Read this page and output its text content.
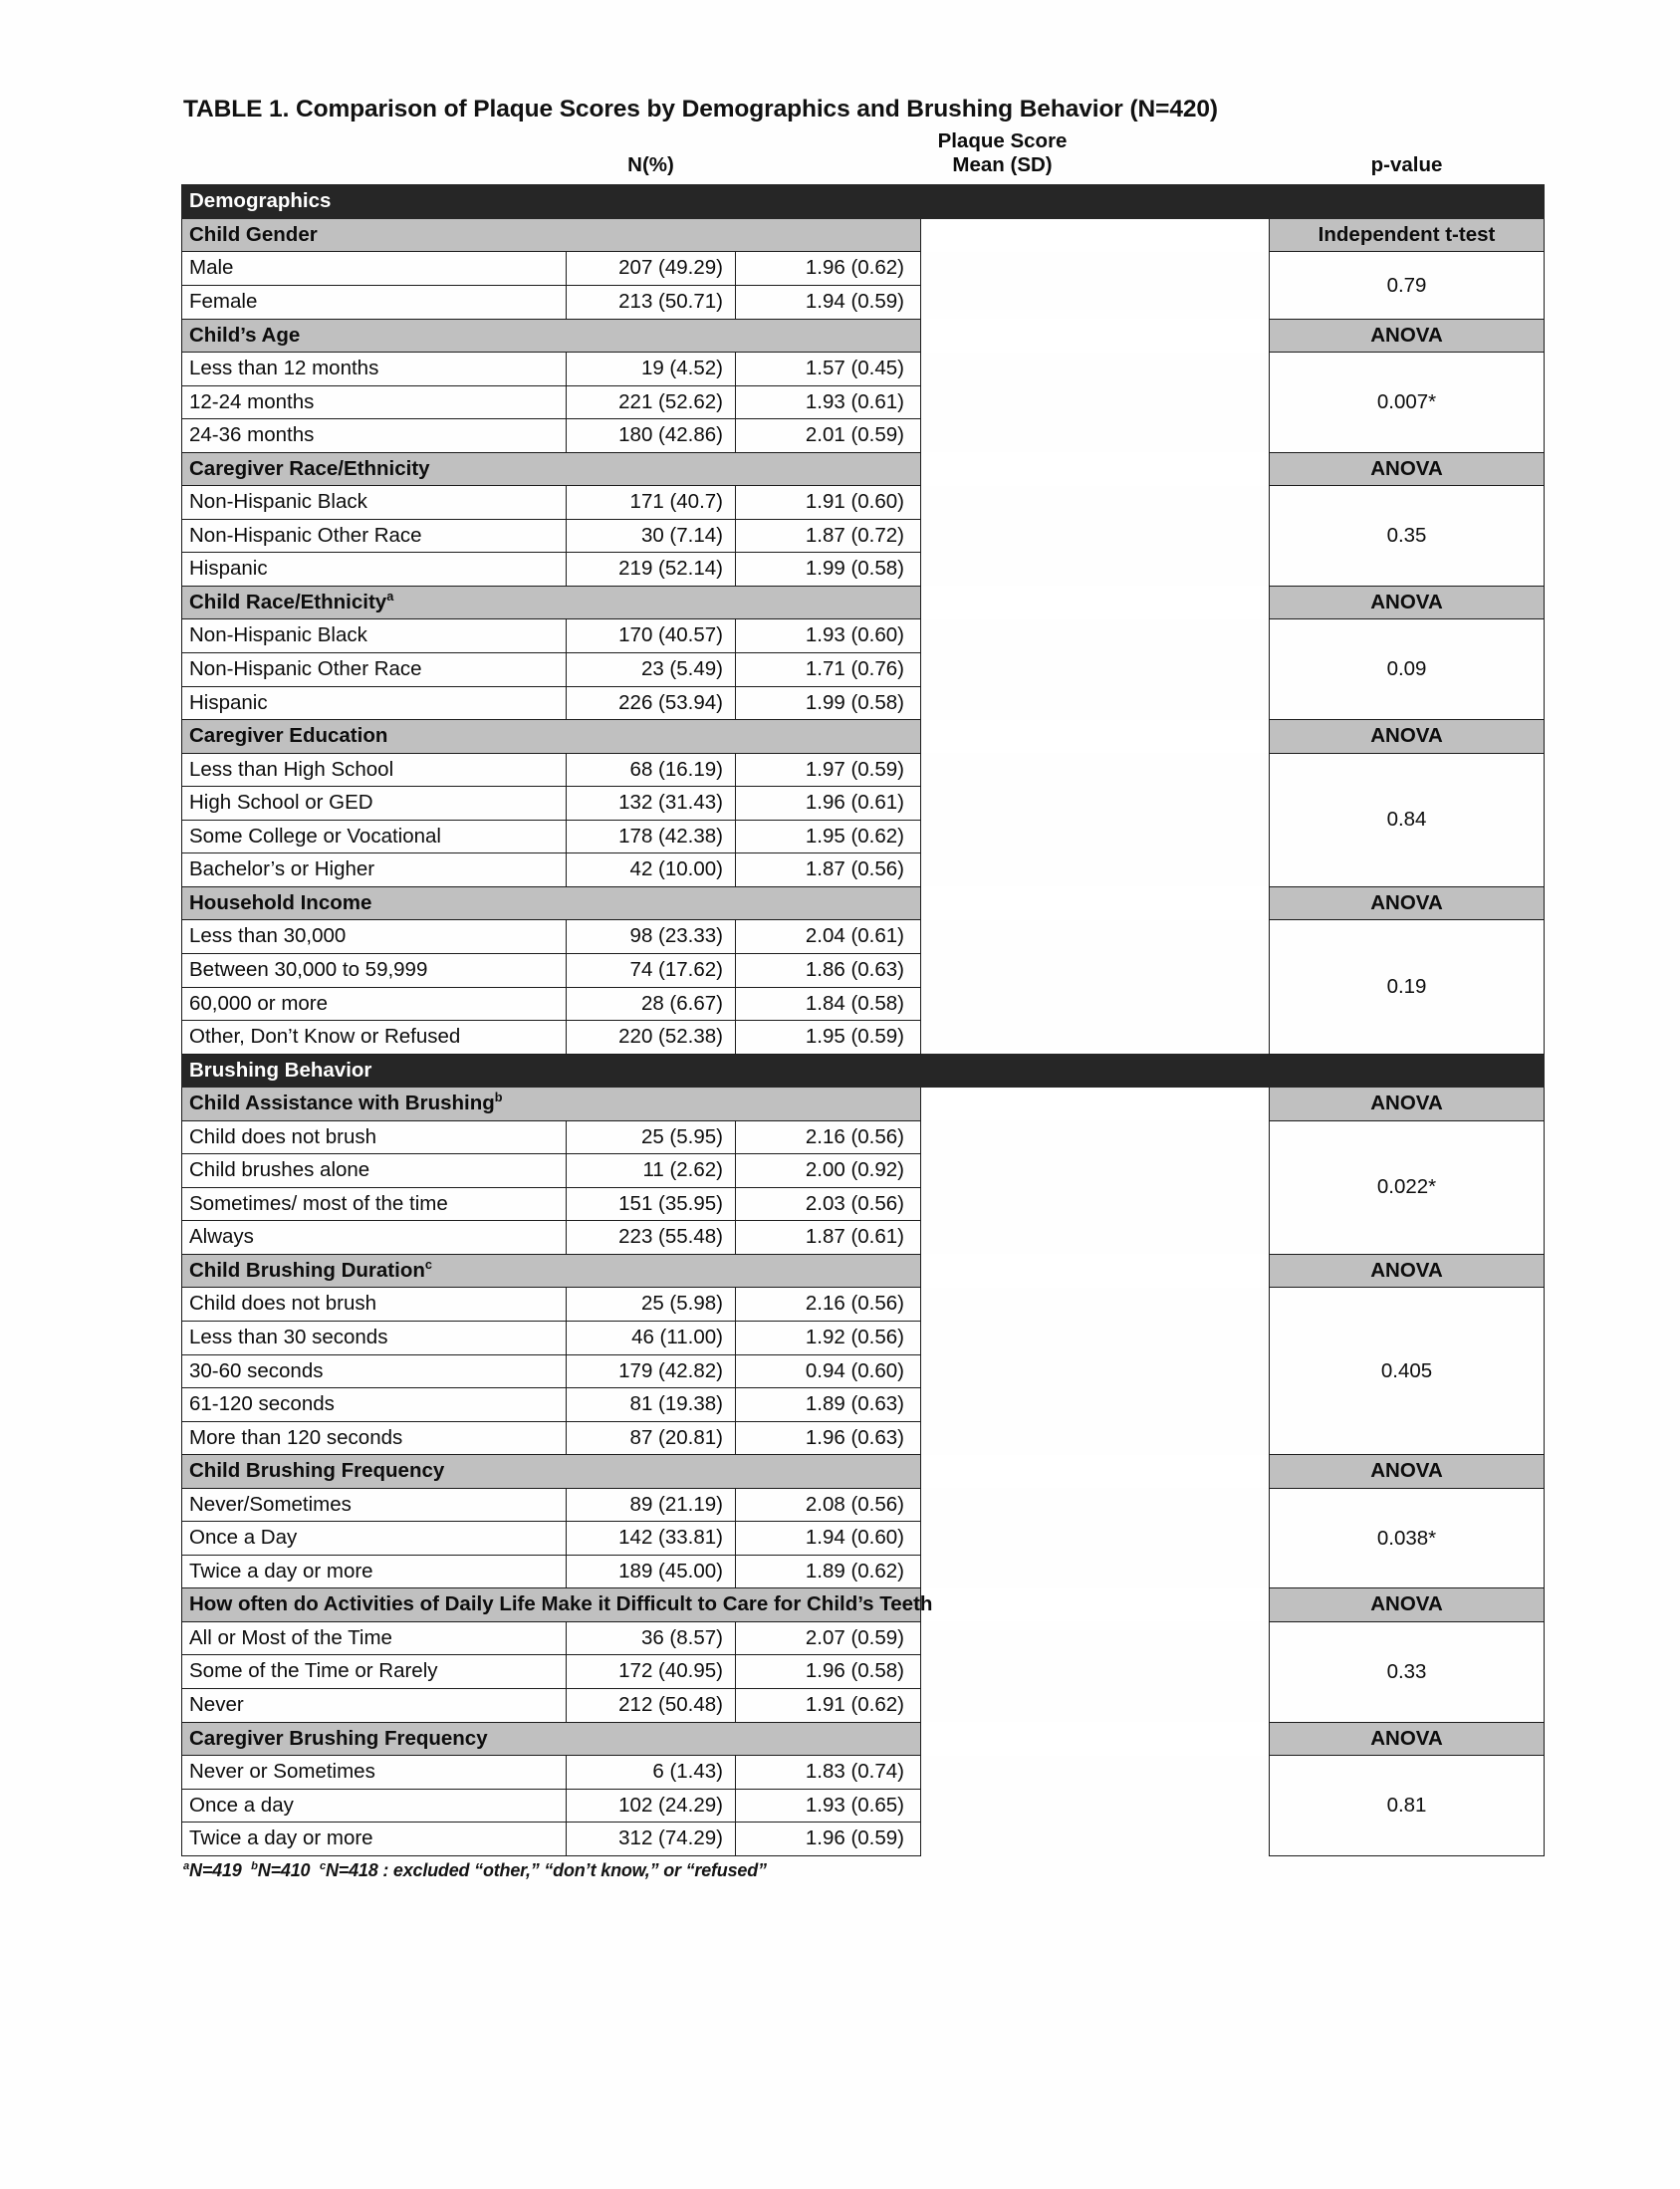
TABLE 1. Comparison of Plaque Scores by Demographics and Brushing Behavior (N=420)
	N(%)	Plaque Score
Mean (SD)		p-value
Demographics				
Child Gender				Independent t-test
Male	207 (49.29)	1.96 (0.62)		0.79
Female	213 (50.71)	1.94 (0.59)		
Child’s Age				ANOVA
Less than 12 months	19 (4.52)	1.57 (0.45)		0.007*
12-24 months	221 (52.62)	1.93 (0.61)		
24-36 months	180 (42.86)	2.01 (0.59)		
Caregiver Race/Ethnicity				ANOVA
Non-Hispanic Black	171 (40.7)	1.91 (0.60)		0.35
Non-Hispanic Other Race	30 (7.14)	1.87 (0.72)		
Hispanic	219 (52.14)	1.99 (0.58)		
Child Race/Ethnicity$^a$				ANOVA
Non-Hispanic Black	170 (40.57)	1.93 (0.60)		0.09
Non-Hispanic Other Race	23 (5.49)	1.71 (0.76)		
Hispanic	226 (53.94)	1.99 (0.58)		
Caregiver Education				ANOVA
Less than High School	68 (16.19)	1.97 (0.59)		0.84
High School or GED	132 (31.43)	1.96 (0.61)		
Some College or Vocational	178 (42.38)	1.95 (0.62)		
Bachelor’s or Higher	42 (10.00)	1.87 (0.56)		
Household Income				ANOVA
Less than 30,000	98 (23.33)	2.04 (0.61)		0.19
Between 30,000 to 59,999	74 (17.62)	1.86 (0.63)		
60,000 or more	28 (6.67)	1.84 (0.58)		
Other, Don’t Know or Refused	220 (52.38)	1.95 (0.59)		
Brushing Behavior				
Child Assistance with Brushing$^b$				ANOVA
Child does not brush	25 (5.95)	2.16 (0.56)		0.022*
Child brushes alone	11 (2.62)	2.00 (0.92)		
Sometimes/ most of the time	151 (35.95)	2.03 (0.56)		
Always	223 (55.48)	1.87 (0.61)		
Child Brushing Duration$^c$				ANOVA
Child does not brush	25 (5.98)	2.16 (0.56)		0.405
Less than 30 seconds	46 (11.00)	1.92 (0.56)		
30-60 seconds	179 (42.82)	0.94 (0.60)		
61-120 seconds	81 (19.38)	1.89 (0.63)		
More than 120 seconds	87 (20.81)	1.96 (0.63)		
Child Brushing Frequency				ANOVA
Never/Sometimes	89 (21.19)	2.08 (0.56)		0.038*
Once a Day	142 (33.81)	1.94 (0.60)		
Twice a day or more	189 (45.00)	1.89 (0.62)		
How often do Activities of Daily Life Make it Difficult to Care for Child’s Teeth				ANOVA
All or Most of the Time	36 (8.57)	2.07 (0.59)		0.33
Some of the Time or Rarely	172 (40.95)	1.96 (0.58)		
Never	212 (50.48)	1.91 (0.62)		
Caregiver Brushing Frequency				ANOVA
Never or Sometimes	6 (1.43)	1.83 (0.74)		0.81
Once a day	102 (24.29)	1.93 (0.65)		
Twice a day or more	312 (74.29)	1.96 (0.59)		
$^a$N=419 $^b$N=410 $^c$N=418 : excluded “other,” “don’t know,” or “refused”
